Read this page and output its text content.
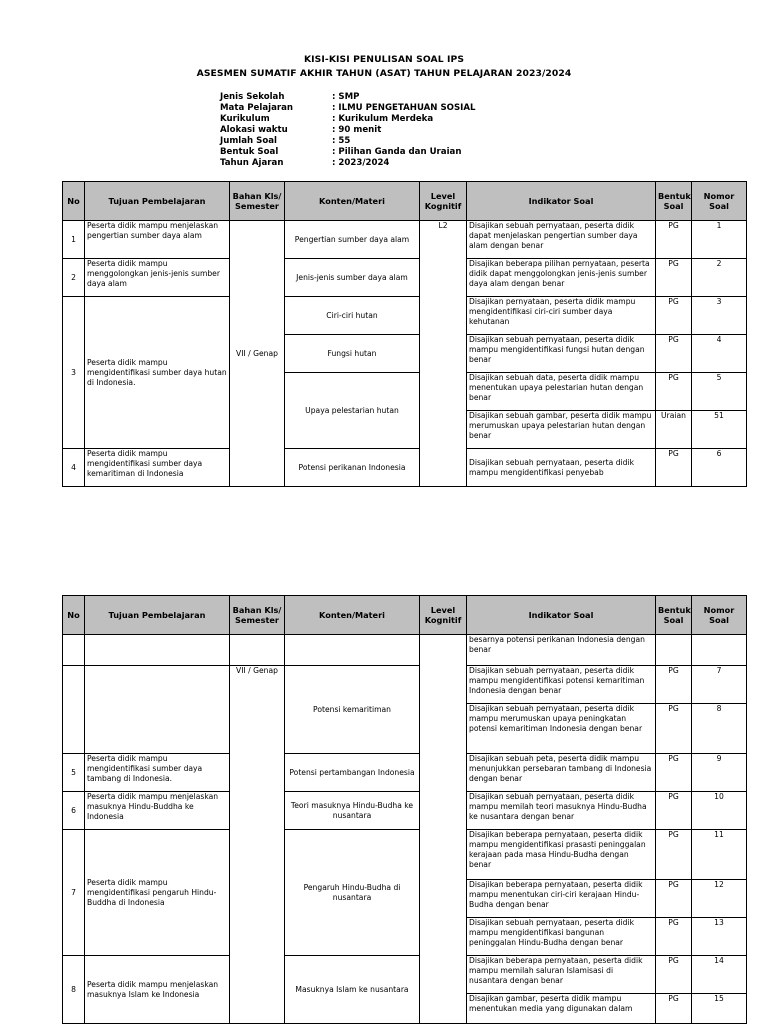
KISI-KISI PENULISAN SOAL IPS
ASESMEN SUMATIF AKHIR TAHUN (ASAT) TAHUN PELAJARAN 2023/2024
Jenis Sekolah	: SMP
Mata Pelajaran	: ILMU PENGETAHUAN SOSIAL
Kurikulum	: Kurikulum Merdeka
Alokasi waktu	: 90 menit
Jumlah Soal	: 55
Bentuk Soal	: Pilihan Ganda dan Uraian
Tahun Ajaran	: 2023/2024
No	Tujuan Pembelajaran	Bahan Kls/ Semester	Konten/Materi	Level Kognitif	Indikator Soal	Bentuk Soal	Nomor Soal
1	Peserta didik mampu menjelaskan pengertian sumber daya alam	VII / Genap	Pengertian sumber daya alam	L2	Disajikan sebuah pernyataan, peserta didik dapat menjelaskan pengertian sumber daya alam dengan benar	PG	1
2	Peserta didik mampu menggolongkan jenis-jenis sumber daya alam		Jenis-jenis sumber daya alam		Disajikan beberapa pilihan pernyataan, peserta didik dapat menggolongkan jenis-jenis sumber daya alam dengan benar	PG	2
3	Peserta didik mampu mengidentifikasi sumber daya hutan di Indonesia.		Ciri-ciri hutan		Disajikan pernyataan, peserta didik mampu mengidentifikasi ciri-ciri sumber daya kehutanan	PG	3
			Fungsi hutan		Disajikan sebuah pernyataan, peserta didik mampu mengidentifikasi fungsi hutan dengan benar	PG	4
			Upaya pelestarian hutan		Disajikan sebuah data, peserta didik mampu menentukan upaya pelestarian hutan dengan benar	PG	5
					Disajikan sebuah gambar, peserta didik mampu merumuskan upaya pelestarian hutan dengan benar	Uraian	51
4	Peserta didik mampu mengidentifikasi sumber daya kemaritiman di Indonesia		Potensi perikanan Indonesia		Disajikan sebuah pernyataan, peserta didik mampu mengidentifikasi penyebab	PG	6
No	Tujuan Pembelajaran	Bahan Kls/ Semester	Konten/Materi	Level Kognitif	Indikator Soal	Bentuk Soal	Nomor Soal
					besarnya potensi perikanan Indonesia dengan benar		
		VII / Genap	Potensi kemaritiman		Disajikan sebuah pernyataan, peserta didik mampu mengidentifikasi potensi kemaritiman Indonesia dengan benar	PG	7
					Disajikan sebuah pernyataan, peserta didik mampu merumuskan upaya peningkatan potensi kemaritiman Indonesia dengan benar	PG	8
5	Peserta didik mampu mengidentifikasi sumber daya tambang di Indonesia.		Potensi pertambangan Indonesia		Disajikan sebuah peta, peserta didik mampu menunjukkan persebaran tambang di Indonesia dengan benar	PG	9
6	Peserta didik mampu menjelaskan masuknya Hindu-Buddha ke Indonesia		Teori masuknya Hindu-Budha ke nusantara		Disajikan sebuah pernyataan, peserta didik mampu memilah teori masuknya Hindu-Budha ke nusantara dengan benar	PG	10
7	Peserta didik mampu mengidentifikasi pengaruh Hindu-Buddha di Indonesia		Pengaruh Hindu-Budha di nusantara		Disajikan beberapa pernyataan, peserta didik mampu mengidentifikasi prasasti peninggalan kerajaan pada masa Hindu-Budha dengan benar	PG	11
					Disajikan beberapa pernyataan, peserta didik mampu menentukan ciri-ciri kerajaan Hindu-Budha dengan benar	PG	12
					Disajikan sebuah pernyataan, peserta didik mampu mengidentifikasi bangunan peninggalan Hindu-Budha dengan benar	PG	13
8	Peserta didik mampu menjelaskan masuknya Islam ke Indonesia		Masuknya Islam ke nusantara		Disajikan beberapa pernyataan, peserta didik mampu memilah saluran Islamisasi di nusantara dengan benar	PG	14
					Disajikan gambar, peserta didik mampu menentukan media yang digunakan dalam	PG	15
